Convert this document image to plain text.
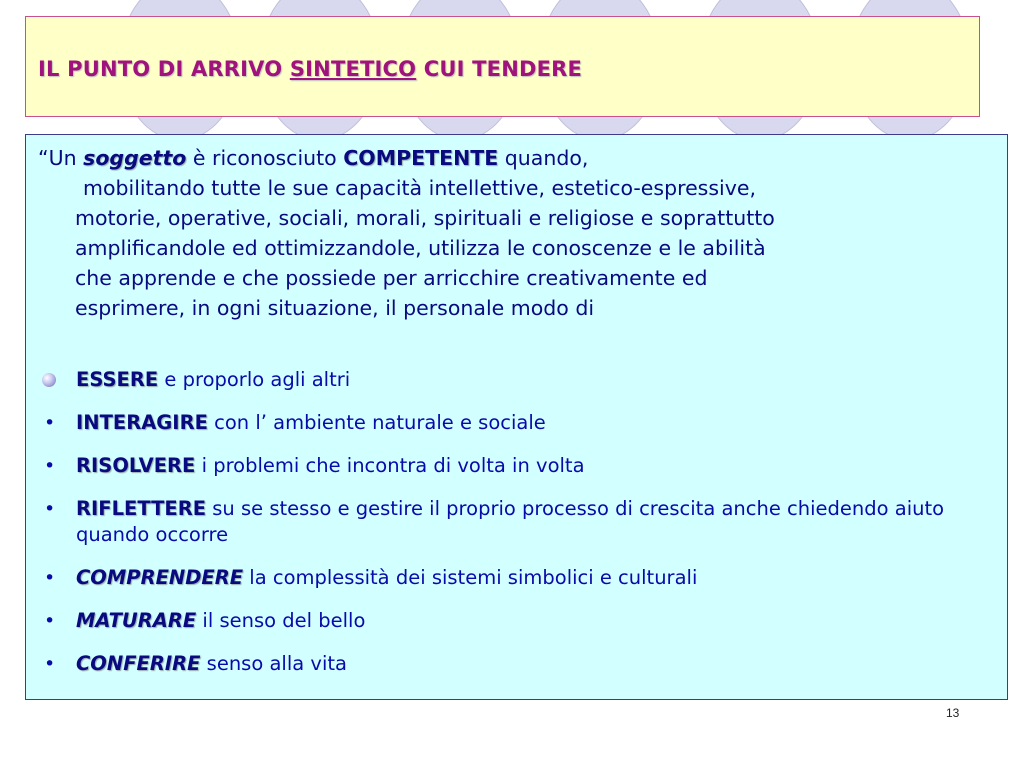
IL PUNTO DI ARRIVO SINTETICO CUI TENDERE
“Un soggetto è riconosciuto COMPETENTE quando,
mobilitando tutte le sue capacità intellettive, estetico-espressive,
motorie, operative, sociali, morali, spirituali e religiose e soprattutto
amplificandole ed ottimizzandole, utilizza le conoscenze e le abilità
che apprende e che possiede per arricchire creativamente ed
esprimere, in ogni situazione, il personale modo di
ESSERE e proporlo agli altri
• INTERAGIRE con l’ ambiente naturale e sociale
• RISOLVERE i problemi che incontra di volta in volta
• RIFLETTERE su se stesso e gestire il proprio processo di crescita anche chiedendo aiuto quando occorre
• COMPRENDERE la complessità dei sistemi simbolici e culturali
• MATURARE il senso del bello
• CONFERIRE senso alla vita
13
